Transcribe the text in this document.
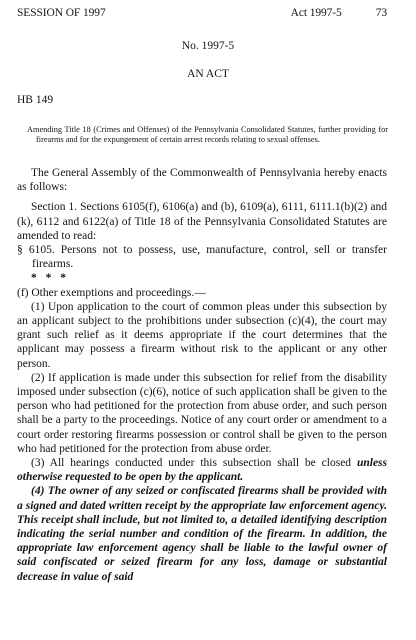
SESSION OF 1997	Act 1997-5	73
No. 1997-5
AN ACT
HB 149
Amending Title 18 (Crimes and Offenses) of the Pennsylvania Consolidated Statutes, further providing for firearms and for the expungement of certain arrest records relating to sexual offenses.

The General Assembly of the Commonwealth of Pennsylvania hereby enacts as follows:

Section 1. Sections 6105(f), 6106(a) and (b), 6109(a), 6111, 6111.1(b)(2) and (k), 6112 and 6122(a) of Title 18 of the Pennsylvania Consolidated Statutes are amended to read:

§ 6105. Persons not to possess, use, manufacture, control, sell or transfer firearms.

* * *

(f) Other exemptions and proceedings.—

(1) Upon application to the court of common pleas under this subsection by an applicant subject to the prohibitions under subsection (c)(4), the court may grant such relief as it deems appropriate if the court determines that the applicant may possess a firearm without risk to the applicant or any other person.

(2) If application is made under this subsection for relief from the disability imposed under subsection (c)(6), notice of such application shall be given to the person who had petitioned for the protection from abuse order, and such person shall be a party to the proceedings. Notice of any court order or amendment to a court order restoring firearms possession or control shall be given to the person who had petitioned for the protection from abuse order.

(3) All hearings conducted under this subsection shall be closed unless otherwise requested to be open by the applicant.

(4) The owner of any seized or confiscated firearms shall be provided with a signed and dated written receipt by the appropriate law enforcement agency. This receipt shall include, but not limited to, a detailed identifying description indicating the serial number and condition of the firearm. In addition, the appropriate law enforcement agency shall be liable to the lawful owner of said confiscated or seized firearm for any loss, damage or substantial decrease in value of said
